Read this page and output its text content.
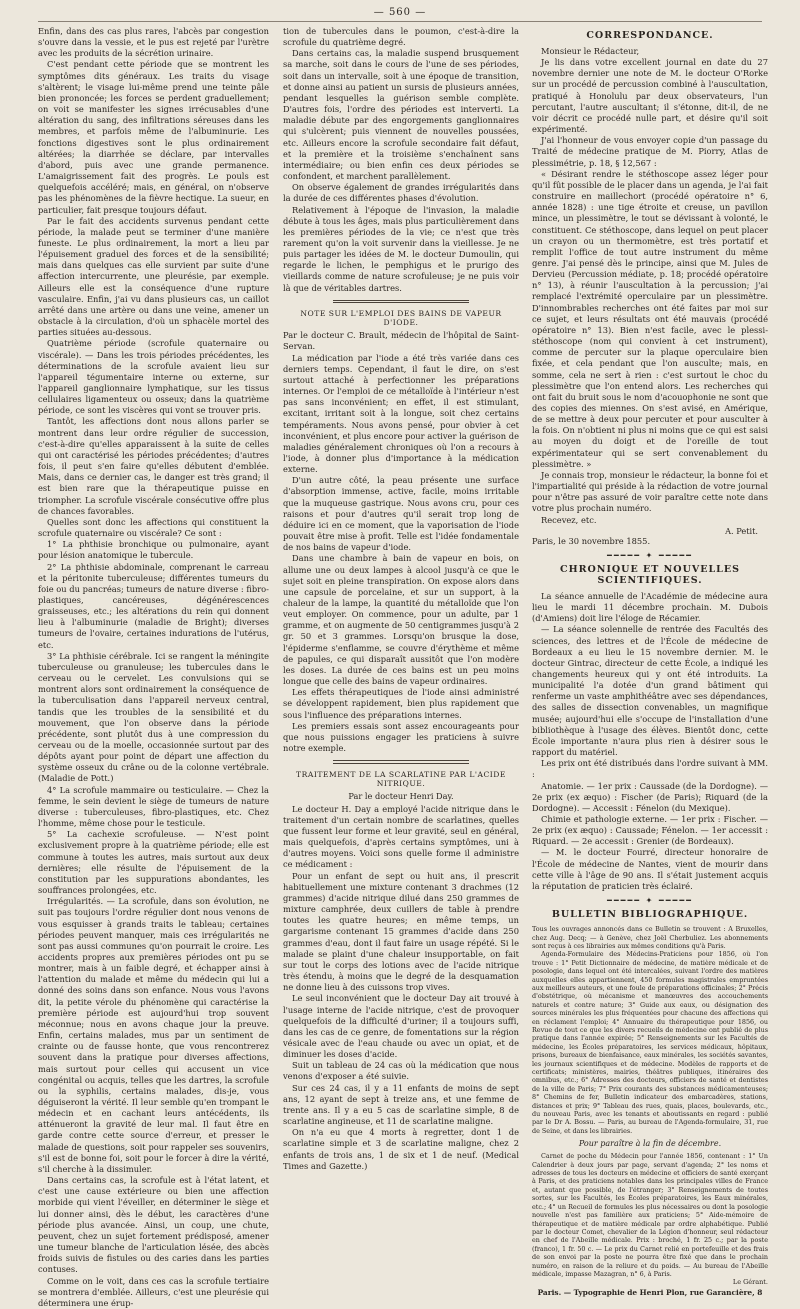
— 560 —

Enfin, dans des cas plus rares, l'abcès par congestion s'ouvre dans la vessie, et le pus est rejeté par l'urètre avec les produits de la sécrétion urinaire.

C'est pendant cette période que se montrent les symptômes dits généraux. Les traits du visage s'altèrent; le visage lui-même prend une teinte pâle bien prononcée; les forces se perdent graduellement; on voit se manifester les signes irrécusables d'une altération du sang, des infiltrations séreuses dans les membres, et parfois même de l'albuminurie. Les fonctions digestives sont le plus ordinairement altérées; la diarrhée se déclare, par intervalles d'abord, puis avec une grande permanence. L'amaigrissement fait des progrès. Le pouls est quelquefois accéléré; mais, en général, on n'observe pas les phénomènes de la fièvre hectique. La sueur, en particulier, fait presque toujours défaut.

Par le fait des accidents survenus pendant cette période, la malade peut se terminer d'une manière funeste. Le plus ordinairement, la mort a lieu par l'épuisement graduel des forces et de la sensibilité; mais dans quelques cas elle survient par suite d'une affection intercurrente, une pleurésie, par exemple. Ailleurs elle est la conséquence d'une rupture vasculaire. Enfin, j'ai vu dans plusieurs cas, un caillot arrêté dans une artère ou dans une veine, amener un obstacle à la circulation, d'où un sphacèle mortel des parties situées au-dessous.

Quatrième période (scrofule quaternaire ou viscérale). — Dans les trois périodes précédentes, les déterminations de la scrofule avaient lieu sur l'appareil tégumentaire interne ou externe, sur l'appareil ganglionnaire lymphatique, sur les tissus cellulaires ligamenteux ou osseux; dans la quatrième période, ce sont les viscères qui vont se trouver pris.

Tantôt, les affections dont nous allons parler se montrent dans leur ordre régulier de succession, c'est-à-dire qu'elles apparaissent à la suite de celles qui ont caractérisé les périodes précédentes; d'autres fois, il peut s'en faire qu'elles débutent d'emblée. Mais, dans ce dernier cas, le danger est très grand; il est bien rare que la thérapeutique puisse en triompher. La scrofule viscérale consécutive offre plus de chances favorables.

Quelles sont donc les affections qui constituent la scrofule quaternaire ou viscérale? Ce sont :

1° La phthisie bronchique ou pulmonaire, ayant pour lésion anatomique le tubercule.

2° La phthisie abdominale, comprenant le carreau et la péritonite tuberculeuse; différentes tumeurs du foie ou du pancréas; tumeurs de nature diverse : fibro-plastiques, cancéreuses, dégénérescences graisseuses, etc.; les altérations du rein qui donnent lieu à l'albuminurie (maladie de Bright); diverses tumeurs de l'ovaire, certaines indurations de l'utérus, etc.

3° La phthisie cérébrale. Ici se rangent la méningite tuberculeuse ou granuleuse; les tubercules dans le cerveau ou le cervelet. Les convulsions qui se montrent alors sont ordinairement la conséquence de la tuberculisation dans l'appareil nerveux central, tandis que les troubles de la sensibilité et du mouvement, que l'on observe dans la période précédente, sont plutôt dus à une compression du cerveau ou de la moelle, occasionnée surtout par des dépôts ayant pour point de départ une affection du système osseux du crâne ou de la colonne vertébrale. (Maladie de Pott.)

4° La scrofule mammaire ou testiculaire. — Chez la femme, le sein devient le siège de tumeurs de nature diverse : tuberculeuses, fibro-plastiques, etc. Chez l'homme, même chose pour le testicule.

5° La cachexie scrofuleuse. — N'est point exclusivement propre à la quatrième période; elle est commune à toutes les autres, mais surtout aux deux dernières; elle résulte de l'épuisement de la constitution par les suppurations abondantes, les souffrances prolongées, etc.

Irrégularités. — La scrofule, dans son évolution, ne suit pas toujours l'ordre régulier dont nous venons de vous esquisser à grands traits le tableau; certaines périodes peuvent manquer, mais ces irrégularités ne sont pas aussi communes qu'on pourrait le croire. Les accidents propres aux premières périodes ont pu se montrer, mais à un faible degré, et échapper ainsi à l'attention du malade et même du médecin qui lui a donné des soins dans son enfance. Nous vous l'avons dit, la petite vérole du phénomène qui caractérise la première période est aujourd'hui trop souvent méconnue; nous en avons chaque jour la preuve. Enfin, certains malades, mus par un sentiment de crainte ou de fausse honte, que vous rencontrerez souvent dans la pratique pour diverses affections, mais surtout pour celles qui accusent un vice congénital ou acquis, telles que les dartres, la scrofule ou la syphilis, certains malades, dis-je, vous déguiseront la vérité. Il leur semble qu'en trompant le médecin et en cachant leurs antécédents, ils atténueront la gravité de leur mal. Il faut être en garde contre cette source d'erreur, et presser le malade de questions, soit pour rappeler ses souvenirs, s'il est de bonne foi, soit pour le forcer à dire la vérité, s'il cherche à la dissimuler.

Dans certains cas, la scrofule est à l'état latent, et c'est une cause extérieure ou bien une affection morbide qui vient l'éveiller, en déterminer le siège et lui donner ainsi, dès le début, les caractères d'une période plus avancée. Ainsi, un coup, une chute, peuvent, chez un sujet fortement prédisposé, amener une tumeur blanche de l'articulation lésée, des abcès froids suivis de fistules ou des caries dans les parties contuses.

Comme on le voit, dans ces cas la scrofule tertiaire se montrera d'emblée. Ailleurs, c'est une pleurésie qui déterminera une érup-

tion de tubercules dans le poumon, c'est-à-dire la scrofule du quatrième degré.

Dans certains cas, la maladie suspend brusquement sa marche, soit dans le cours de l'une de ses périodes, soit dans un intervalle, soit à une époque de transition, et donne ainsi au patient un sursis de plusieurs années, pendant lesquelles la guérison semble complète. D'autres fois, l'ordre des périodes est interverti. La maladie débute par des engorgements ganglionnaires qui s'ulcèrent; puis viennent de nouvelles poussées, etc. Ailleurs encore la scrofule secondaire fait défaut, et la première et la troisième s'enchaînent sans intermédiaire; ou bien enfin ces deux périodes se confondent, et marchent parallèlement.

On observe également de grandes irrégularités dans la durée de ces différentes phases d'évolution.

Relativement à l'époque de l'invasion, la maladie débute à tous les âges, mais plus particulièrement dans les premières périodes de la vie; ce n'est que très rarement qu'on la voit survenir dans la vieillesse. Je ne puis partager les idées de M. le docteur Dumoulin, qui regarde le lichen, le pemphigus et le prurigo des vieillards comme de nature scrofuleuse; je ne puis voir là que de véritables dartres.

NOTE SUR L'EMPLOI DES BAINS DE VAPEUR D'IODE.

Par le docteur C. Brault, médecin de l'hôpital de Saint-Servan.

La médication par l'iode a été très variée dans ces derniers temps. Cependant, il faut le dire, on s'est surtout attaché à perfectionner les préparations internes. Or l'emploi de ce métalloïde à l'intérieur n'est pas sans inconvénient; en effet, il est stimulant, excitant, irritant soit à la longue, soit chez certains tempéraments. Nous avons pensé, pour obvier à cet inconvénient, et plus encore pour activer la guérison de maladies généralement chroniques où l'on a recours à l'iode, à donner plus d'importance à la médication externe.

D'un autre côté, la peau présente une surface d'absorption immense, active, facile, moins irritable que la muqueuse gastrique. Nous avons cru, pour ces raisons et pour d'autres qu'il serait trop long de déduire ici en ce moment, que la vaporisation de l'iode pouvait être mise à profit. Telle est l'idée fondamentale de nos bains de vapeur d'iode.

Dans une chambre à bain de vapeur en bois, on allume une ou deux lampes à alcool jusqu'à ce que le sujet soit en pleine transpiration. On expose alors dans une capsule de porcelaine, et sur un support, à la chaleur de la lampe, la quantité du métalloïde que l'on veut employer. On commence, pour un adulte, par 1 gramme, et on augmente de 50 centigrammes jusqu'à 2 gr. 50 et 3 grammes. Lorsqu'on brusque la dose, l'épiderme s'enflamme, se couvre d'érythème et même de papules, ce qui disparaît aussitôt que l'on modère les doses. La durée de ces bains est un peu moins longue que celle des bains de vapeur ordinaires.

Les effets thérapeutiques de l'iode ainsi administré se développent rapidement, bien plus rapidement que sous l'influence des préparations internes.

Les premiers essais sont assez encourageants pour que nous puissions engager les praticiens à suivre notre exemple.

TRAITEMENT DE LA SCARLATINE PAR L'ACIDE NITRIQUE.
Par le docteur Henri Day.

Le docteur H. Day a employé l'acide nitrique dans le traitement d'un certain nombre de scarlatines, quelles que fussent leur forme et leur gravité, seul en général, mais quelquefois, d'après certains symptômes, uni à d'autres moyens. Voici sons quelle forme il administre ce médicament :

Pour un enfant de sept ou huit ans, il prescrit habituellement une mixture contenant 3 drachmes (12 grammes) d'acide nitrique dilué dans 250 grammes de mixture camphrée, deux cuillers de table à prendre toutes les quatre heures; en même temps, un gargarisme contenant 15 grammes d'acide dans 250 grammes d'eau, dont il faut faire un usage répété. Si le malade se plaint d'une chaleur insupportable, on fait sur tout le corps des lotions avec de l'acide nitrique très étendu, à moins que le degré de la desquamation ne donne lieu à des cuissons trop vives.

Le seul inconvénient que le docteur Day ait trouvé à l'usage interne de l'acide nitrique, c'est de provoquer quelquefois de la difficulté d'uriner; il a toujours suffi, dans les cas de ce genre, de fomentations sur la région vésicale avec de l'eau chaude ou avec un opiat, et de diminuer les doses d'acide.

Suit un tableau de 24 cas où la médication que nous venons d'exposer a été suivie.

Sur ces 24 cas, il y a 11 enfants de moins de sept ans, 12 ayant de sept à treize ans, et une femme de trente ans. Il y a eu 5 cas de scarlatine simple, 8 de scarlatine angineuse, et 11 de scarlatine maligne.

On n'a eu que 4 morts à regretter, dont 1 de scarlatine simple et 3 de scarlatine maligne, chez 2 enfants de trois ans, 1 de six et 1 de neuf. (Medical Times and Gazette.)

CORRESPONDANCE.

Monsieur le Rédacteur,

Je lis dans votre excellent journal en date du 27 novembre dernier une note de M. le docteur O'Rorke sur un procédé de percussion combiné à l'auscultation, pratiqué à Honolulu par deux observateurs, l'un percutant, l'autre auscultant; il s'étonne, dit-il, de ne voir décrit ce procédé nulle part, et désire qu'il soit expérimenté.

J'ai l'honneur de vous envoyer copie d'un passage du Traité de médecine pratique de M. Piorry, Atlas de plessimétrie, p. 18, § 12,567 :

« Désirant rendre le stéthoscope assez léger pour qu'il fût possible de le placer dans un agenda, je l'ai fait construire en maillechort (procédé opératoire n° 6, année 1828) : une tige étroite et creuse, un pavillon mince, un plessimètre, le tout se dévissant à volonté, le constituent. Ce stéthoscope, dans lequel on peut placer un crayon ou un thermomètre, est très portatif et remplit l'office de tout autre instrument du même genre. J'ai pensé dès le principe, ainsi que M. Jules de Dervieu (Percussion médiate, p. 18; procédé opératoire n° 13), à réunir l'auscultation à la percussion; j'ai remplacé l'extrémité operculaire par un plessimètre. D'innombrables recherches ont été faites par moi sur ce sujet, et leurs résultats ont été mauvais (procédé opératoire n° 13). Bien n'est facile, avec le plessi-stéthoscope (nom qui convient à cet instrument), comme de percuter sur la plaque operculaire bien fixée, et cela pendant que l'on ausculte; mais, en somme, cela ne sert à rien : c'est surtout le choc du plessimètre que l'on entend alors. Les recherches qui ont fait du bruit sous le nom d'acouophonie ne sont que des copies des miennes. On s'est avisé, en Amérique, de se mettre à deux pour percuter et pour ausculter à la fois. On n'obtient ni plus ni moins que ce qui est saisi au moyen du doigt et de l'oreille de tout expérimentateur qui se sert convenablement du plessimètre. »

Je connais trop, monsieur le rédacteur, la bonne foi et l'impartialité qui préside à la rédaction de votre journal pour n'être pas assuré de voir paraître cette note dans votre plus prochain numéro.

Recevez, etc.

A. Petit.

Paris, le 30 novembre 1855.

━━━━━ ✦ ━━━━━
CHRONIQUE ET NOUVELLES SCIENTIFIQUES.

La séance annuelle de l'Académie de médecine aura lieu le mardi 11 décembre prochain. M. Dubois (d'Amiens) doit lire l'éloge de Récamier.

— La séance solennelle de rentrée des Facultés des sciences, des lettres et de l'École de médecine de Bordeaux a eu lieu le 15 novembre dernier. M. le docteur Gintrac, directeur de cette École, a indiqué les changements heureux qui y ont été introduits. La municipalité l'a dotée d'un grand bâtiment qui renferme un vaste amphithéâtre avec ses dépendances, des salles de dissection convenables, un magnifique musée; aujourd'hui elle s'occupe de l'installation d'une bibliothèque à l'usage des élèves. Bientôt donc, cette École importante n'aura plus rien à désirer sous le rapport du matériel.

Les prix ont été distribués dans l'ordre suivant à MM. :

Anatomie. — 1er prix : Caussade (de la Dordogne). — 2e prix (ex æquo) : Fischer (de Paris); Riquard (de la Dordogne). — Accessit : Fénelon (du Mexique).

Chimie et pathologie externe. — 1er prix : Fischer. — 2e prix (ex æquo) : Caussade; Fénelon. — 1er accessit : Riquard. — 2e accessit : Grenier (de Bordeaux).

— M. le docteur Fourré, directeur honoraire de l'École de médecine de Nantes, vient de mourir dans cette ville à l'âge de 90 ans. Il s'était justement acquis la réputation de praticien très éclairé.

━━━━━ ✦ ━━━━━
BULLETIN BIBLIOGRAPHIQUE.

Tous les ouvrages annoncés dans ce Bulletin se trouvent : A Bruxelles, chez Aug. Decq; — à Genève, chez Joël Cherbuliez. Les abonnements sont reçus à ces librairies aux mêmes conditions qu'à Paris.

Agenda-Formulaire des Médecins-Praticiens pour 1856, où l'on trouve : 1° Petit Dictionnaire de médecine, de matière médicale et de posologie, dans lequel ont été intercalées, suivant l'ordre des matières auxquelles elles appartiennent, 450 formules magistrales empruntées aux meilleurs auteurs, et une foule de préparations officinales; 2° Précis d'obstétrique, où mécanisme et manœuvres des accouchements naturels et contre nature; 3° Guide aux eaux, ou désignation des sources minérales les plus fréquentées pour chacune des affections qui en réclament l'emploi; 4° Annuaire du thérapeutique pour 1856, ou Revue de tout ce que les divers recueils de médecine ont publié de plus pratique dans l'année expirée; 5° Renseignements sur les Facultés de médecine, les Écoles préparatoires, les services médicaux, hôpitaux, prisons, bureaux de bienfaisance, eaux minérales, les sociétés savantes, les journaux scientifiques et de médecine. Modèles de rapports et de certificats; ministères, mairies, théâtres publiques, itinéraires des omnibus, etc.; 6° Adresses des docteurs, officiers de santé et dentistes de la ville de Paris; 7° Prix courants des substances médicamenteuses; 8° Chemins de fer, Bulletin indicateur des embarcadères, stations, distances et prix; 9° Tableau des rues, quais, places, boulevards, etc., du nouveau Paris, avec les tenants et aboutissants en regard : publié par le Dr A. Bossu. — Paris, au bureau de l'Agenda-formulaire, 31, rue de Seine, et dans les librairies.

Pour paraître à la fin de décembre.

Carnet de poche du Médecin pour l'année 1856, contenant : 1° Un Calendrier à deux jours par page, servant d'agenda; 2° les noms et adresses de tous les docteurs en médecine et officiers de santé exerçant à Paris, et des praticiens notables dans les principales villes de France et, autant que possible, de l'étranger; 3° Renseignements de toutes sortes, sur les Facultés, les Écoles préparatoires, les Eaux minérales, etc.; 4° un Recueil de formules les plus nécessaires ou dont la posologie nouvelle n'est pas familière aux praticiens; 5° Aide-mémoire de thérapeutique et de matière médicale par ordre alphabétique. Publié par le docteur Comet, chevalier de la Légion d'honneur, seul rédacteur en chef de l'Abeille médicale. Prix : broché, 1 fr. 25 c.; par la poste (franco), 1 fr. 50 c. — Le prix du Carnet relié en portefeuille et des frais de son envoi par la poste ne pourra être fixé que dans le prochain numéro, en raison de la reliure et du poids. — Au bureau de l'Abeille médicale, impasse Mazagran, n° 6, à Paris.

Le Gérant.
Paris. — Typographie de Henri Plon, rue Garancière, 8
